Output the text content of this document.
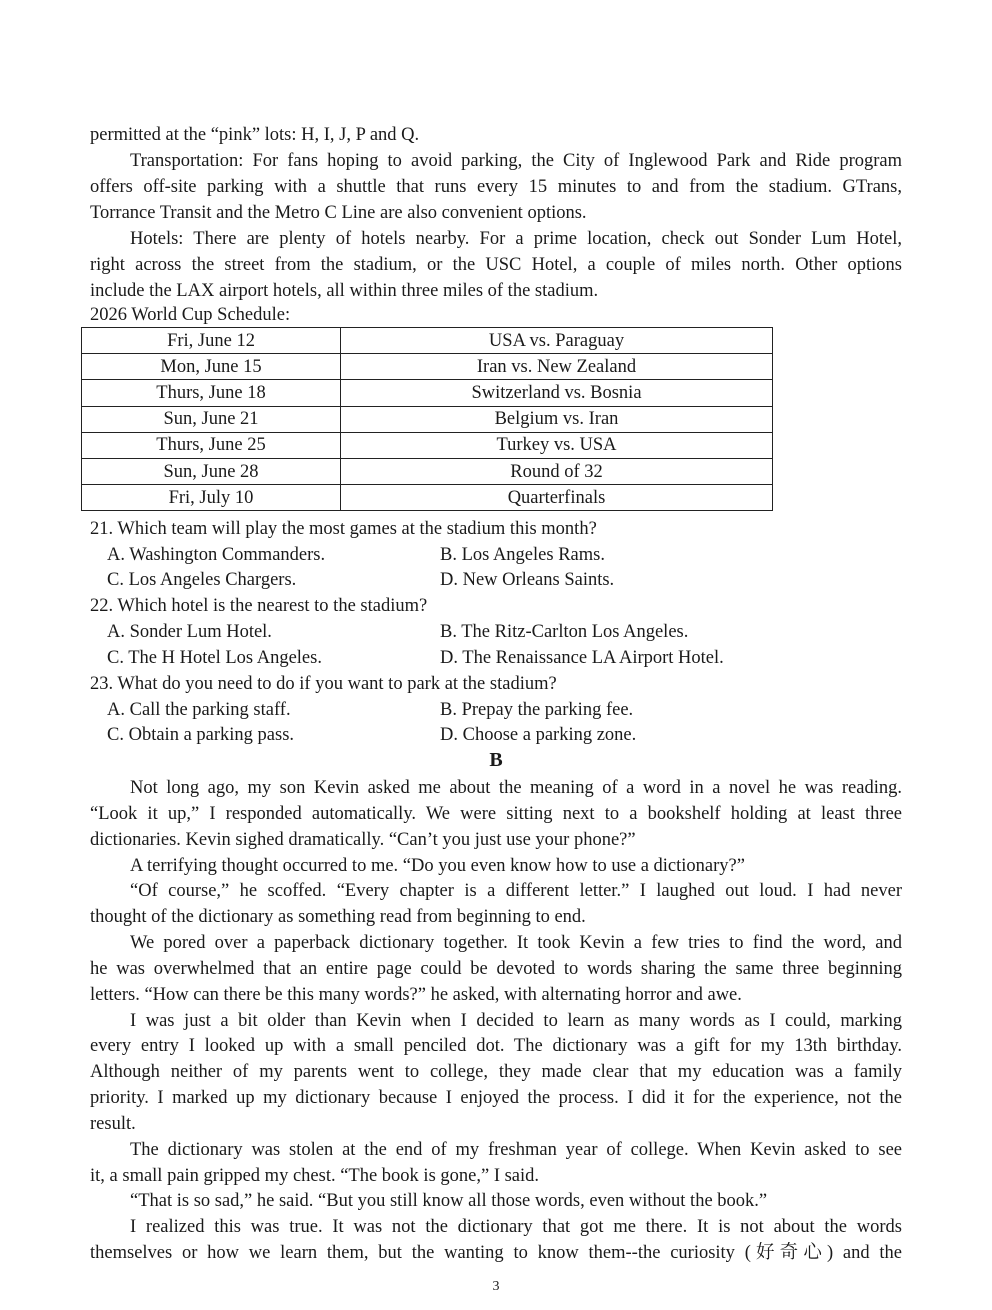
permitted at the “pink” lots: H, I, J, P and Q.
Transportation: For fans hoping to avoid parking, the City of Inglewood Park and Ride program
offers off-site parking with a shuttle that runs every 15 minutes to and from the stadium. GTrans,
Torrance Transit and the Metro C Line are also convenient options.
Hotels: There are plenty of hotels nearby. For a prime location, check out Sonder Lum Hotel,
right across the street from the stadium, or the USC Hotel, a couple of miles north. Other options
include the LAX airport hotels, all within three miles of the stadium.
2026 World Cup Schedule:
Fri, June 12	USA vs. Paraguay
Mon, June 15	Iran vs. New Zealand
Thurs, June 18	Switzerland vs. Bosnia
Sun, June 21	Belgium vs. Iran
Thurs, June 25	Turkey vs. USA
Sun, June 28	Round of 32
Fri, July 10	Quarterfinals
21. Which team will play the most games at the stadium this month?
A. Washington Commanders.	B. Los Angeles Rams.
C. Los Angeles Chargers.	D. New Orleans Saints.
22. Which hotel is the nearest to the stadium?
A. Sonder Lum Hotel.	B. The Ritz-Carlton Los Angeles.
C. The H Hotel Los Angeles.	D. The Renaissance LA Airport Hotel.
23. What do you need to do if you want to park at the stadium?
A. Call the parking staff.	B. Prepay the parking fee.
C. Obtain a parking pass.	D. Choose a parking zone.
B
Not long ago, my son Kevin asked me about the meaning of a word in a novel he was reading.
“Look it up,” I responded automatically. We were sitting next to a bookshelf holding at least three
dictionaries. Kevin sighed dramatically. “Can’t you just use your phone?”
A terrifying thought occurred to me. “Do you even know how to use a dictionary?”
“Of course,” he scoffed. “Every chapter is a different letter.” I laughed out loud. I had never
thought of the dictionary as something read from beginning to end.
We pored over a paperback dictionary together. It took Kevin a few tries to find the word, and
he was overwhelmed that an entire page could be devoted to words sharing the same three beginning
letters. “How can there be this many words?” he asked, with alternating horror and awe.
I was just a bit older than Kevin when I decided to learn as many words as I could, marking
every entry I looked up with a small penciled dot. The dictionary was a gift for my 13th birthday.
Although neither of my parents went to college, they made clear that my education was a family
priority. I marked up my dictionary because I enjoyed the process. I did it for the experience, not the
result.
The dictionary was stolen at the end of my freshman year of college. When Kevin asked to see
it, a small pain gripped my chest. “The book is gone,” I said.
“That is so sad,” he said. “But you still know all those words, even without the book.”
I realized this was true. It was not the dictionary that got me there. It is not about the words
themselves or how we learn them, but the wanting to know them--the curiosity (好奇心) and the
3
